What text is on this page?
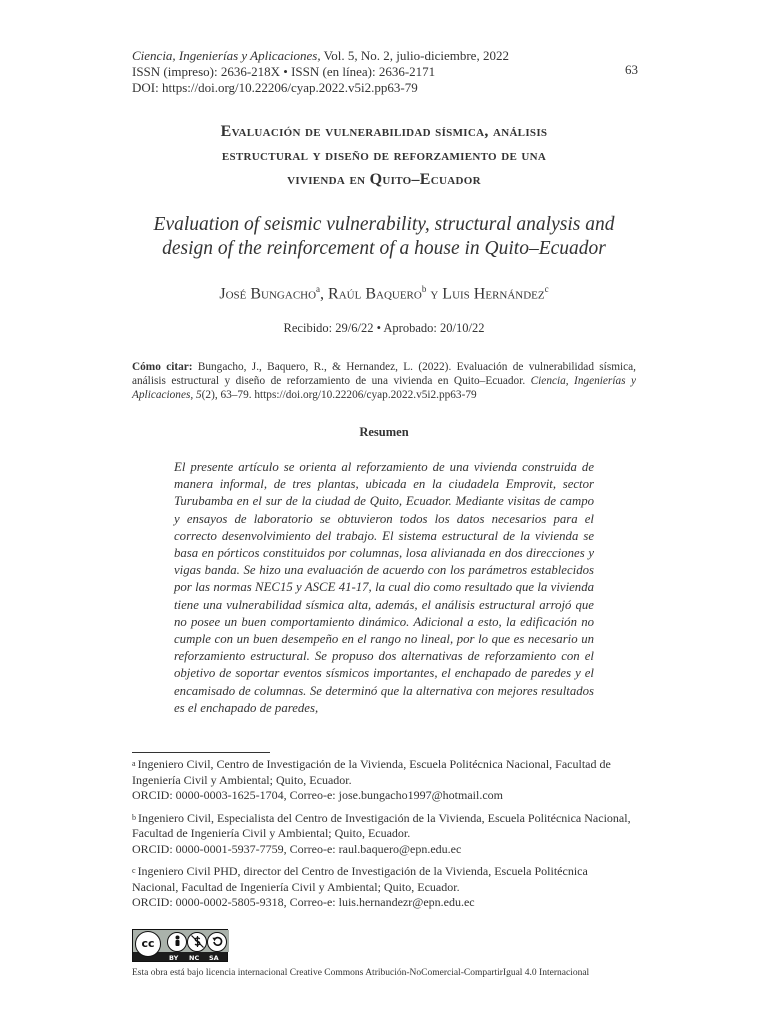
Ciencia, Ingenierías y Aplicaciones, Vol. 5, No. 2, julio-diciembre, 2022
ISSN (impreso): 2636-218X • ISSN (en línea): 2636-2171
DOI: https://doi.org/10.22206/cyap.2022.v5i2.pp63-79
63
Evaluación de vulnerabilidad sísmica, análisis
estructural y diseño de reforzamiento de una
vivienda en Quito–Ecuador
Evaluation of seismic vulnerability, structural analysis and
design of the reinforcement of a house in Quito–Ecuador
José Bungacho$^a$, Raúl Baquero$^b$ y Luis Hernández$^c$
Recibido: 29/6/22 • Aprobado: 20/10/22
Cómo citar: Bungacho, J., Baquero, R., & Hernandez, L. (2022). Evaluación de vulnerabilidad sísmica, análisis estructural y diseño de reforzamiento de una vivienda en Quito–Ecuador. Ciencia, Ingenierías y Aplicaciones, 5(2), 63–79. https://doi.org/10.22206/cyap.2022.v5i2.pp63-79
Resumen

El presente artículo se orienta al reforzamiento de una vivienda construida de manera informal, de tres plantas, ubicada en la ciudadela Emprovit, sector Turubamba en el sur de la ciudad de Quito, Ecuador. Mediante visitas de campo y ensayos de laboratorio se obtuvieron todos los datos necesarios para el correcto desenvolvimiento del trabajo. El sistema estructural de la vivienda se basa en pórticos constituidos por columnas, losa alivianada en dos direcciones y vigas banda. Se hizo una evaluación de acuerdo con los parámetros establecidos por las normas NEC15 y ASCE 41-17, la cual dio como resultado que la vivienda tiene una vulnerabilidad sísmica alta, además, el análisis estructural arrojó que no posee un buen comportamiento dinámico. Adicional a esto, la edificación no cumple con un buen desempeño en el rango no lineal, por lo que es necesario un reforzamiento estructural. Se propuso dos alternativas de reforzamiento con el objetivo de soportar eventos sísmicos importantes, el enchapado de paredes y el encamisado de columnas. Se determinó que la alternativa con mejores resultados es el enchapado de paredes,

a Ingeniero Civil, Centro de Investigación de la Vivienda, Escuela Politécnica Nacional, Facultad de Ingeniería Civil y Ambiental; Quito, Ecuador.

ORCID: 0000-0003-1625-1704, Correo-e: jose.bungacho1997@hotmail.com

b Ingeniero Civil, Especialista del Centro de Investigación de la Vivienda, Escuela Politécnica Nacional, Facultad de Ingeniería Civil y Ambiental; Quito, Ecuador.

ORCID: 0000-0001-5937-7759, Correo-e: raul.baquero@epn.edu.ec

c Ingeniero Civil PHD, director del Centro de Investigación de la Vivienda, Escuela Politécnica Nacional, Facultad de Ingeniería Civil y Ambiental; Quito, Ecuador.

ORCID: 0000-0002-5805-9318, Correo-e: luis.hernandezr@epn.edu.ec

cc
BY NC SA
Esta obra está bajo licencia internacional Creative Commons Atribución-NoComercial-CompartirIgual 4.0 Internacional
